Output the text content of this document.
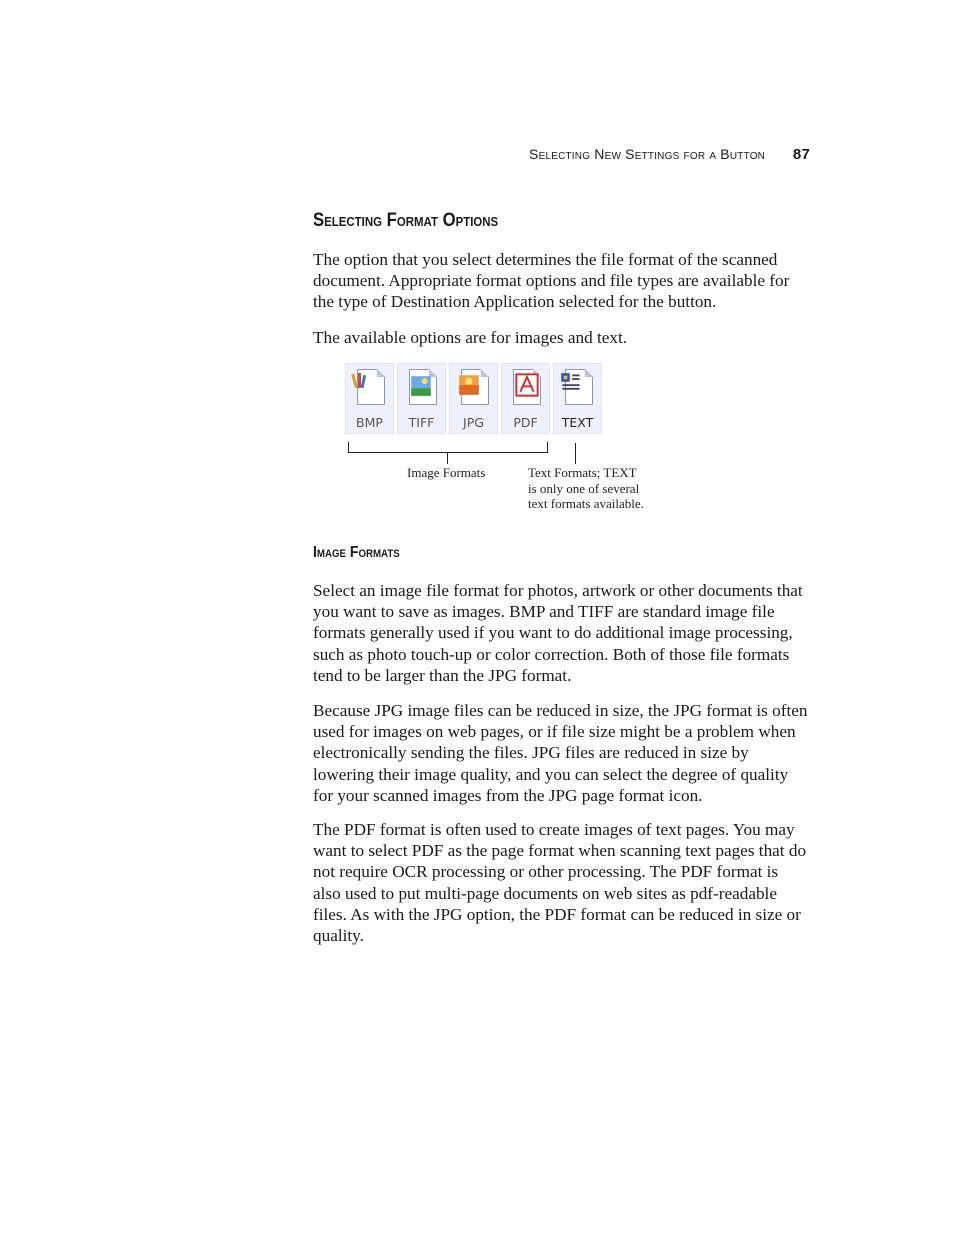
Selecting New Settings for a Button 87
Selecting Format Options

The option that you select determines the file format of the scanned document. Appropriate format options and file types are available for the type of Destination Application selected for the button.

The available options are for images and text.

BMP	TIFF	JPG	PDF	TEXT
Image Formats	Text Formats; TEXT
is only one of several
text formats available.
Image Formats

Select an image file format for photos, artwork or other documents that you want to save as images. BMP and TIFF are standard image file formats generally used if you want to do additional image processing, such as photo touch-up or color correction. Both of those file formats tend to be larger than the JPG format.

Because JPG image files can be reduced in size, the JPG format is often used for images on web pages, or if file size might be a problem when electronically sending the files. JPG files are reduced in size by lowering their image quality, and you can select the degree of quality for your scanned images from the JPG page format icon.

The PDF format is often used to create images of text pages. You may want to select PDF as the page format when scanning text pages that do not require OCR processing or other processing. The PDF format is also used to put multi-page documents on web sites as pdf-readable files. As with the JPG option, the PDF format can be reduced in size or quality.
